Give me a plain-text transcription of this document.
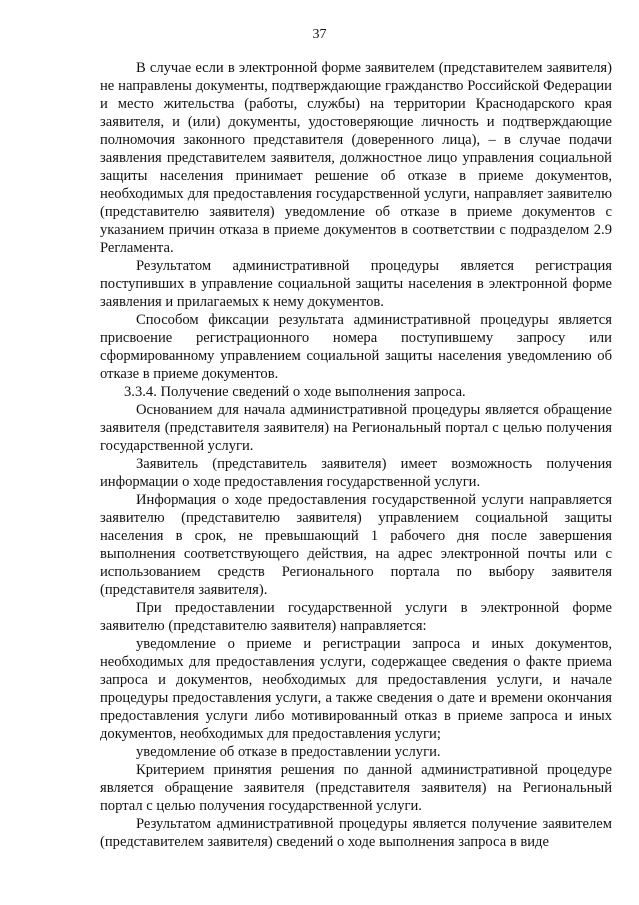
37

В случае если в электронной форме заявителем (представителем заявителя) не направлены документы, подтверждающие гражданство Российской Федерации и место жительства (работы, службы) на территории Краснодарского края заявителя, и (или) документы, удостоверяющие личность и подтверждающие полномочия законного представителя (доверенного лица), – в случае подачи заявления представителем заявителя, должностное лицо управления социальной защиты населения принимает решение об отказе в приеме документов, необходимых для предоставления государственной услуги, направляет заявителю (представителю заявителя) уведомление об отказе в приеме документов с указанием причин отказа в приеме документов в соответствии с подразделом 2.9 Регламента.

Результатом административной процедуры является регистрация поступивших в управление социальной защиты населения в электронной форме заявления и прилагаемых к нему документов.

Способом фиксации результата административной процедуры является присвоение регистрационного номера поступившему запросу или сформированному управлением социальной защиты населения уведомлению об отказе в приеме документов.

3.3.4. Получение сведений о ходе выполнения запроса.

Основанием для начала административной процедуры является обращение заявителя (представителя заявителя) на Региональный портал с целью получения государственной услуги.

Заявитель (представитель заявителя) имеет возможность получения информации о ходе предоставления государственной услуги.

Информация о ходе предоставления государственной услуги направляется заявителю (представителю заявителя) управлением социальной защиты населения в срок, не превышающий 1 рабочего дня после завершения выполнения соответствующего действия, на адрес электронной почты или с использованием средств Регионального портала по выбору заявителя (представителя заявителя).

При предоставлении государственной услуги в электронной форме заявителю (представителю заявителя) направляется:

уведомление о приеме и регистрации запроса и иных документов, необходимых для предоставления услуги, содержащее сведения о факте приема запроса и документов, необходимых для предоставления услуги, и начале процедуры предоставления услуги, а также сведения о дате и времени окончания предоставления услуги либо мотивированный отказ в приеме запроса и иных документов, необходимых для предоставления услуги;

уведомление об отказе в предоставлении услуги.

Критерием принятия решения по данной административной процедуре является обращение заявителя (представителя заявителя) на Региональный портал с целью получения государственной услуги.

Результатом административной процедуры является получение заявителем (представителем заявителя) сведений о ходе выполнения запроса в виде
